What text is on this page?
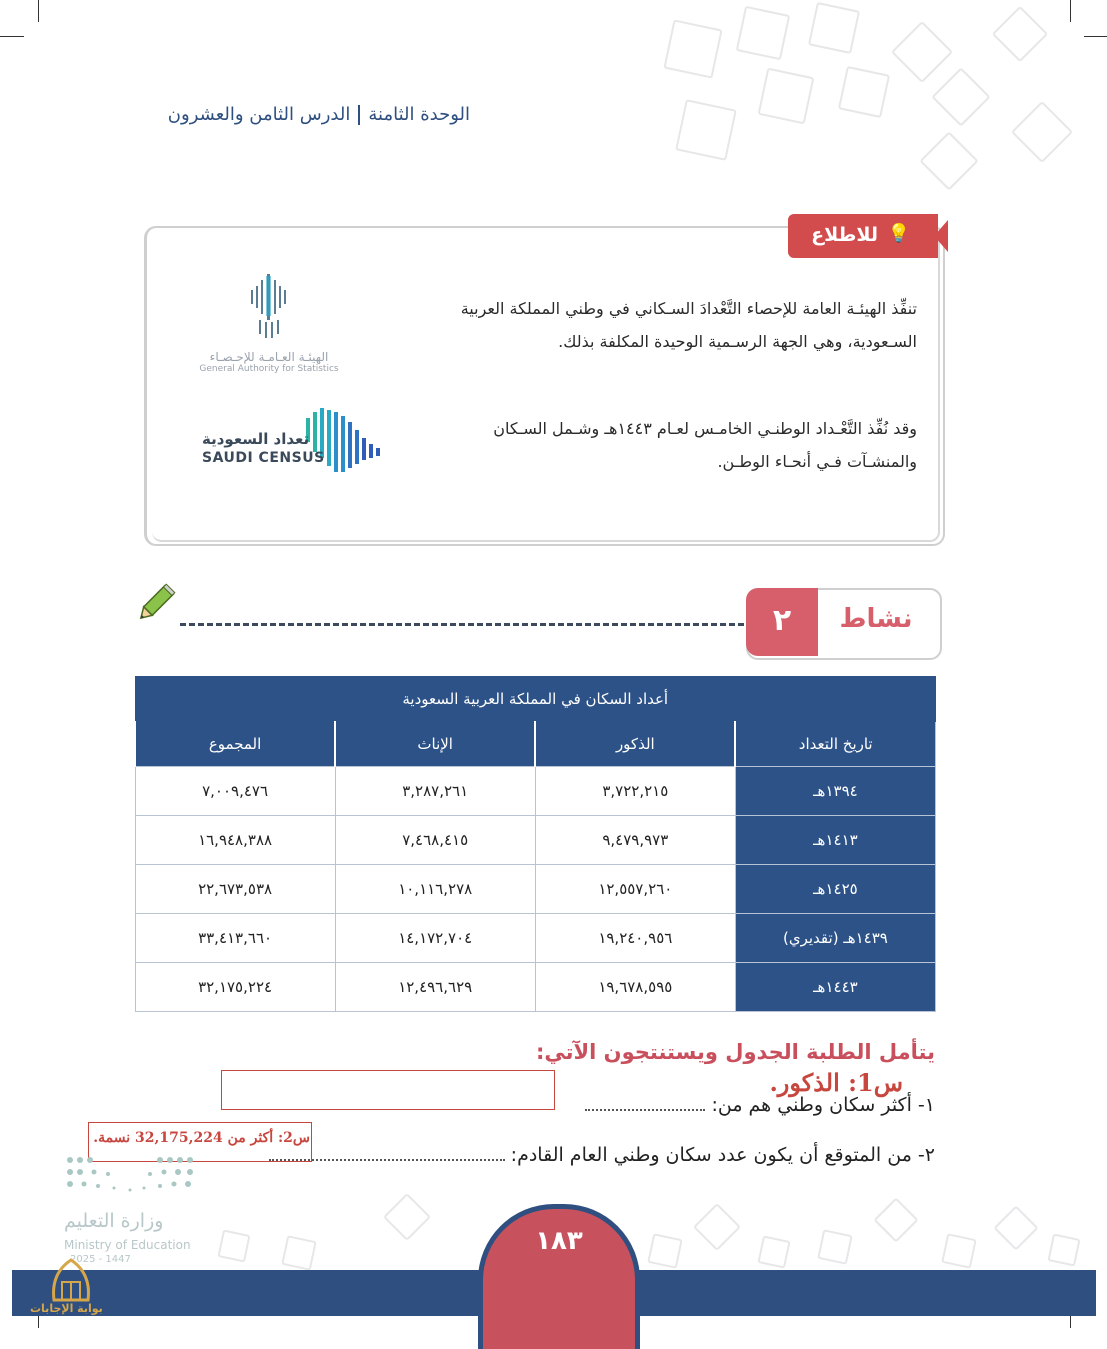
الوحدة الثامنةالدرس الثامن والعشرون
💡
للاطلاع
تنفِّذ الهيئـة العامة للإحصاء التَّعْدادَ السـكاني في وطني المملكة العربية
السـعودية، وهي الجهة الرسـمية الوحيدة المكلفة بذلك.
وقد نُفِّذ التَّعْـداد الوطنـي الخامـس لعـام ١٤٤٣هـ وشـمل السـكان
والمنشـآت فـي أنحـاء الوطـن.
الهيئـة العـامـة للإحـصـاء
General Authority for Statistics
تعداد السعودية
SAUDI CENSUS
٢	نشاط
أعداد السكان في المملكة العربية السعودية			
تاريخ التعداد	الذكور	الإناث	المجموع
١٣٩٤هـ	٣,٧٢٢,٢١٥	٣,٢٨٧,٢٦١	٧,٠٠٩,٤٧٦
١٤١٣هـ	٩,٤٧٩,٩٧٣	٧,٤٦٨,٤١٥	١٦,٩٤٨,٣٨٨
١٤٢٥هـ	١٢,٥٥٧,٢٦٠	١٠,١١٦,٢٧٨	٢٢,٦٧٣,٥٣٨
١٤٣٩هـ (تقديري)	١٩,٢٤٠,٩٥٦	١٤,١٧٢,٧٠٤	٣٣,٤١٣,٦٦٠
١٤٤٣هـ	١٩,٦٧٨,٥٩٥	١٢,٤٩٦,٦٢٩	٣٢,١٧٥,٢٢٤
يتأمل الطلبة الجدول ويستنتجون الآتي:
س1: الذكور.
١- أكثر سكان وطني هم من:
س2: أكثر من 32,175,224 نسمة.
٢- من المتوقع أن يكون عدد سكان وطني العام القادم:
وزارة التعليم
Ministry of Education
2025 - 1447
١٨٣
بوابة الإجابات
